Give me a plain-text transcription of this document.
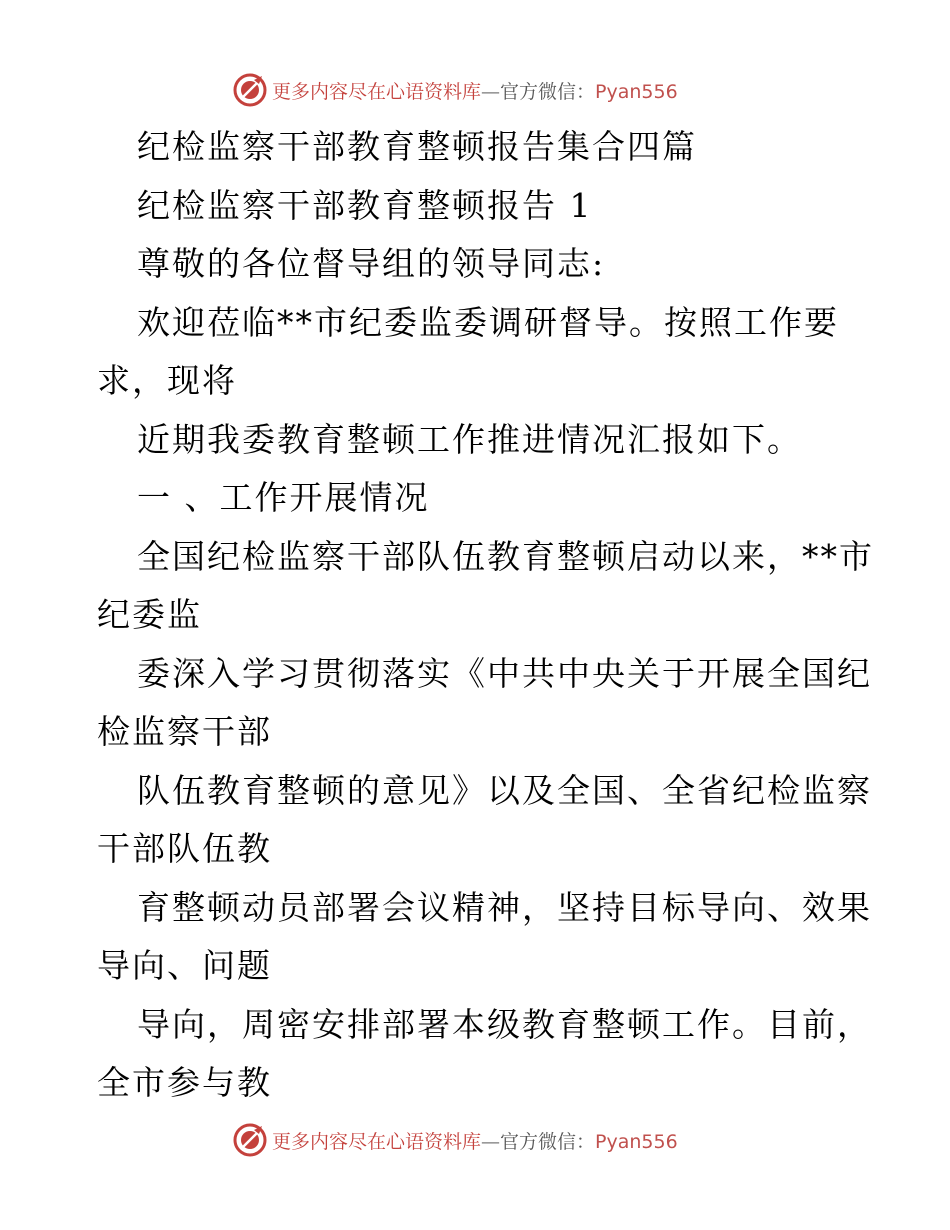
更多内容尽在心语资料库—官方微信：Pyan556
纪检监察干部教育整顿报告集合四篇
纪检监察干部教育整顿报告 1
尊敬的各位督导组的领导同志:
欢迎莅临**市纪委监委调研督导。按照工作要
求，现将
近期我委教育整顿工作推进情况汇报如下。
一 、工作开展情况
全国纪检监察干部队伍教育整顿启动以来，**市
纪委监
委深入学习贯彻落实《中共中央关于开展全国纪
检监察干部
队伍教育整顿的意见》以及全国、全省纪检监察
干部队伍教
育整顿动员部署会议精神，坚持目标导向、效果
导向、问题
导向，周密安排部署本级教育整顿工作。目前，
全市参与教
更多内容尽在心语资料库—官方微信：Pyan556
